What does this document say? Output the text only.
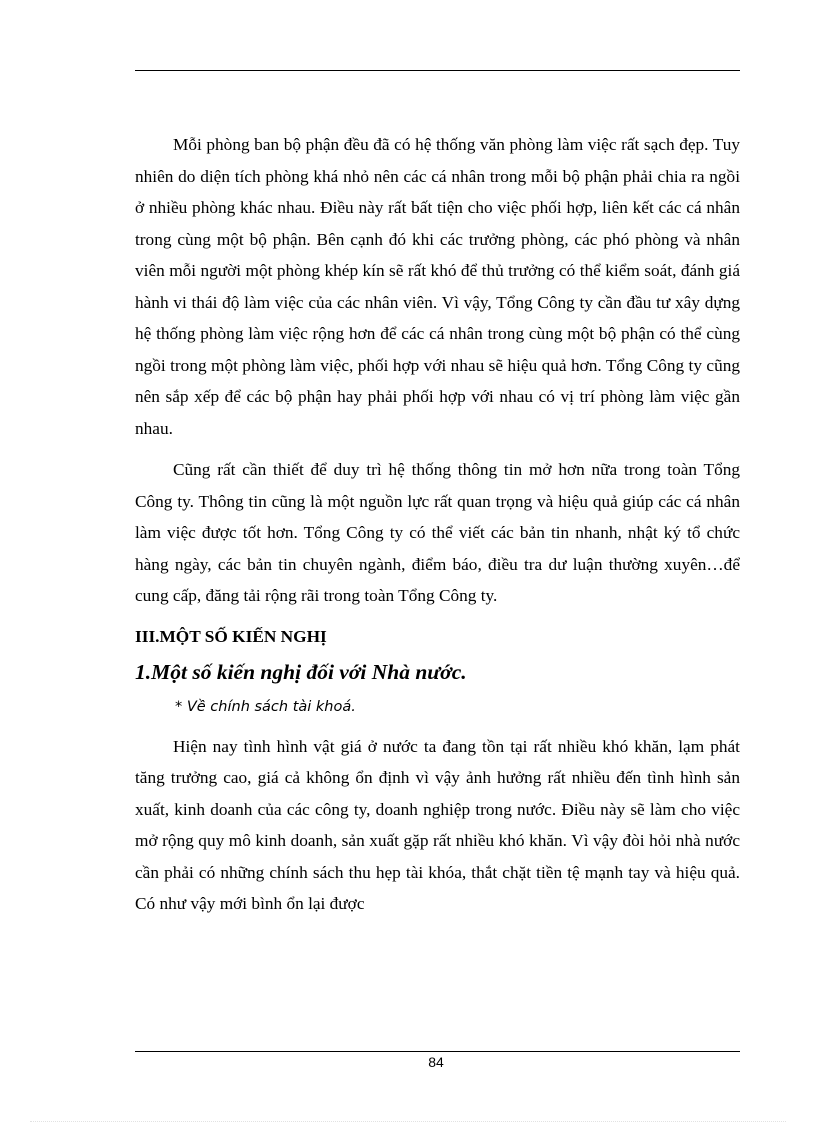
Mỗi phòng ban bộ phận đều đã có hệ thống văn phòng làm việc rất sạch đẹp. Tuy nhiên do diện tích phòng khá nhỏ nên các cá nhân trong mỗi bộ phận phải chia ra ngồi ở nhiều phòng khác nhau. Điều này rất bất tiện cho việc phối hợp, liên kết các cá nhân trong cùng một bộ phận. Bên cạnh đó khi các trưởng phòng, các phó phòng và nhân viên mỗi người một phòng khép kín sẽ rất khó để thủ trưởng có thể kiểm soát, đánh giá hành vi thái độ làm việc của các nhân viên. Vì vậy, Tổng Công ty cần đầu tư xây dựng hệ thống phòng làm việc rộng hơn để các cá nhân trong cùng một bộ phận có thể cùng ngồi trong một phòng làm việc, phối hợp với nhau sẽ hiệu quả hơn. Tổng Công ty cũng nên sắp xếp để các bộ phận hay phải phối hợp với nhau có vị trí phòng làm việc gần nhau.

Cũng rất cần thiết để duy trì hệ thống thông tin mở hơn nữa trong toàn Tổng Công ty. Thông tin cũng là một nguồn lực rất quan trọng và hiệu quả giúp các cá nhân làm việc được tốt hơn. Tổng Công ty có thể viết các bản tin nhanh, nhật ký tổ chức hàng ngày, các bản tin chuyên ngành, điểm báo, điều tra dư luận thường xuyên…để cung cấp, đăng tải rộng rãi trong toàn Tổng Công ty.

III.MỘT SỐ KIẾN NGHỊ
1.Một số kiến nghị đối với Nhà nước.

* Về chính sách tài khoá.

Hiện nay tình hình vật giá ở nước ta đang tồn tại rất nhiều khó khăn, lạm phát tăng trưởng cao, giá cả không ổn định vì vậy ảnh hưởng rất nhiều đến tình hình sản xuất, kinh doanh của các công ty, doanh nghiệp trong nước. Điều này sẽ làm cho việc mở rộng quy mô kinh doanh, sản xuất gặp rất nhiều khó khăn. Vì vậy đòi hỏi nhà nước cần phải có những chính sách thu hẹp tài khóa, thắt chặt tiền tệ mạnh tay và hiệu quả. Có như vậy mới bình ổn lại được

84
